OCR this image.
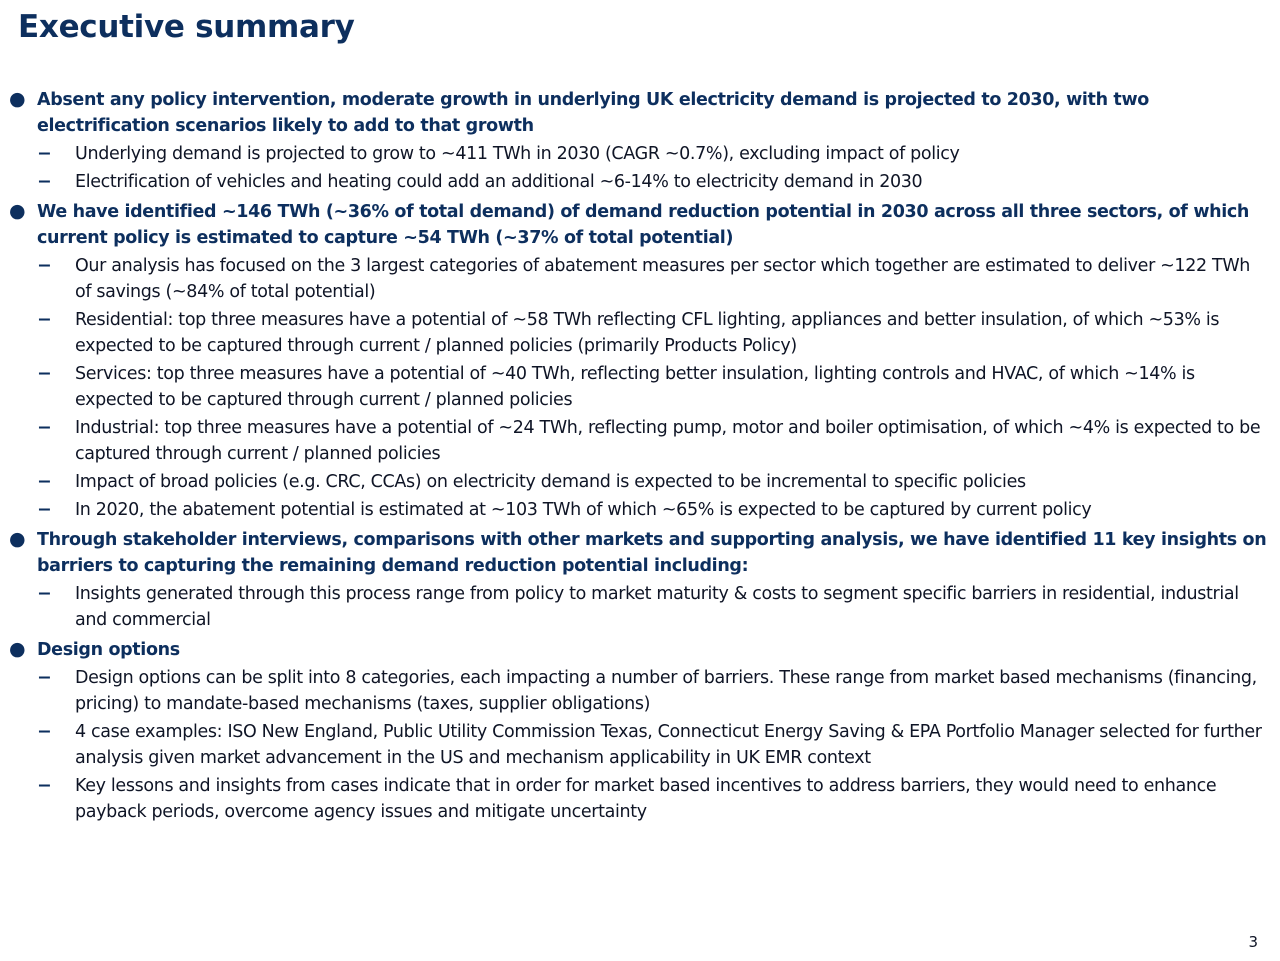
Executive summary
● Absent any policy intervention, moderate growth in underlying UK electricity demand is projected to 2030, with two electrification scenarios likely to add to that growth
− Underlying demand is projected to grow to ~411 TWh in 2030 (CAGR ~0.7%), excluding impact of policy
− Electrification of vehicles and heating could add an additional ~6-14% to electricity demand in 2030
● We have identified ~146 TWh (~36% of total demand) of demand reduction potential in 2030 across all three sectors, of which current policy is estimated to capture ~54 TWh (~37% of total potential)
− Our analysis has focused on the 3 largest categories of abatement measures per sector which together are estimated to deliver ~122 TWh of savings (~84% of total potential)
− Residential: top three measures have a potential of ~58 TWh reflecting CFL lighting, appliances and better insulation, of which ~53% is expected to be captured through current / planned policies (primarily Products Policy)
− Services: top three measures have a potential of ~40 TWh, reflecting better insulation, lighting controls and HVAC, of which ~14% is expected to be captured through current / planned policies
− Industrial: top three measures have a potential of ~24 TWh, reflecting pump, motor and boiler optimisation, of which ~4% is expected to be captured through current / planned policies
− Impact of broad policies (e.g. CRC, CCAs) on electricity demand is expected to be incremental to specific policies
− In 2020, the abatement potential is estimated at ~103 TWh of which ~65% is expected to be captured by current policy
● Through stakeholder interviews, comparisons with other markets and supporting analysis, we have identified 11 key insights on barriers to capturing the remaining demand reduction potential including:
− Insights generated through this process range from policy to market maturity & costs to segment specific barriers in residential, industrial and commercial
● Design options
− Design options can be split into 8 categories, each impacting a number of barriers. These range from market based mechanisms (financing, pricing) to mandate-based mechanisms (taxes, supplier obligations)
− 4 case examples: ISO New England, Public Utility Commission Texas, Connecticut Energy Saving & EPA Portfolio Manager selected for further analysis given market advancement in the US and mechanism applicability in UK EMR context
− Key lessons and insights from cases indicate that in order for market based incentives to address barriers, they would need to enhance payback periods, overcome agency issues and mitigate uncertainty
3
